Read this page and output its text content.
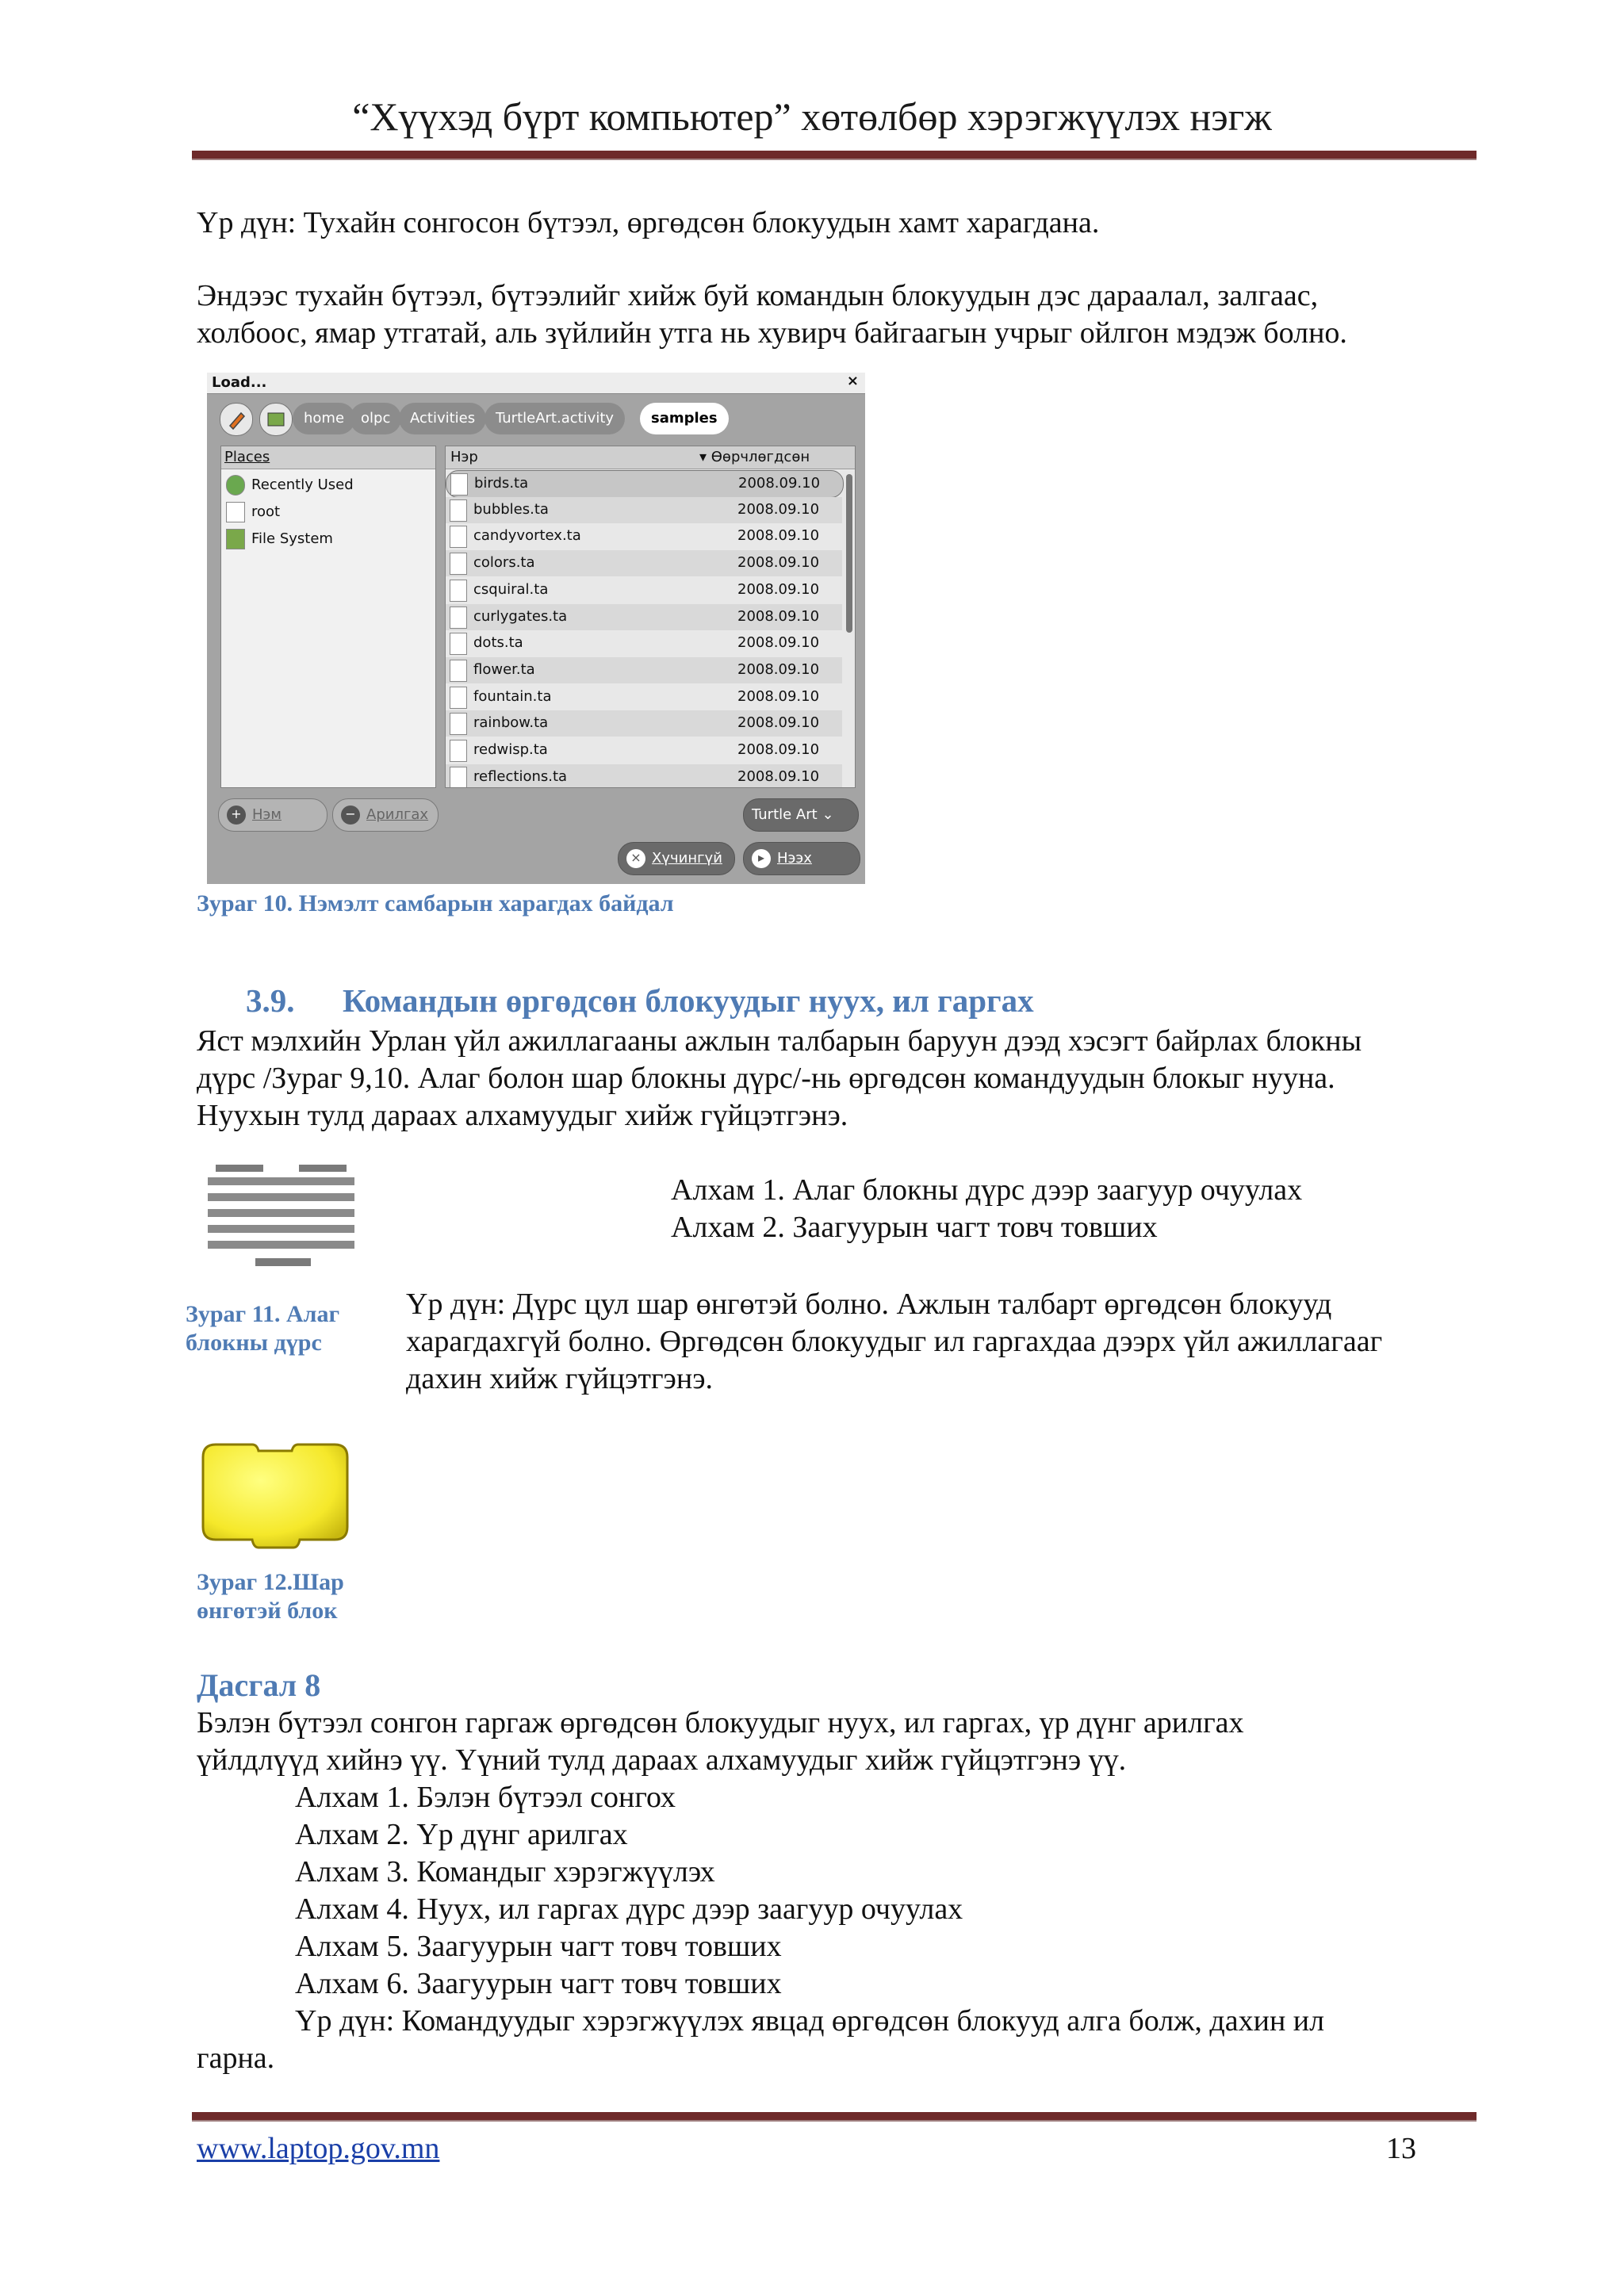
“Хүүхэд бүрт компьютер” хөтөлбөр хэрэгжүүлэх нэгж
Үр дүн: Тухайн сонгосон бүтээл, өргөдсөн блокуудын хамт харагдана.
Эндээс тухайн бүтээл, бүтээлийг хийж буй командын блокуудын дэс дараалал, залгаас,
холбоос, ямар утгатай, аль зүйлийн утга нь хувирч байгаагын учрыг ойлгон мэдэж болно.
Load...	×
home	olpc	Activities	TurtleArt.activity	samples
Places
Recently Used
root
File System
Нэр	▾ Өөрчлөгдсөн
birds.ta	2008.09.10
bubbles.ta	2008.09.10
candyvortex.ta	2008.09.10
colors.ta	2008.09.10
csquiral.ta	2008.09.10
curlygates.ta	2008.09.10
dots.ta	2008.09.10
flower.ta	2008.09.10
fountain.ta	2008.09.10
rainbow.ta	2008.09.10
redwisp.ta	2008.09.10
reflections.ta	2008.09.10
+ Нэм	− Арилгах	Turtle Art ⌄
× Хүчингүй	▸ Нээх
Зураг 10. Нэмэлт самбарын харагдах байдал
3.9. Командын өргөдсөн блокуудыг нуух, ил гаргах
Яст мэлхийн Урлан үйл ажиллагааны ажлын талбарын баруун дээд хэсэгт байрлах блокны
дүрс /Зураг 9,10. Алаг болон шар блокны дүрс/-нь өргөдсөн командуудын блокыг нууна.
Нуухын тулд дараах алхамуудыг хийж гүйцэтгэнэ.
Алхам 1. Алаг блокны дүрс дээр заагуур очуулах
Алхам 2. Заагуурын чагт товч товших
Зураг 11. Алаг
блокны дүрс
Үр дүн: Дүрс цул шар өнгөтэй болно. Ажлын талбарт өргөдсөн блокууд
харагдахгүй болно. Өргөдсөн блокуудыг ил гаргахдаа дээрх үйл ажиллагааг
дахин хийж гүйцэтгэнэ.
Зураг 12.Шар
өнгөтэй блок
Дасгал 8
Бэлэн бүтээл сонгон гаргаж өргөдсөн блокуудыг нуух, ил гаргах, үр дүнг арилгах
үйлдлүүд хийнэ үү. Үүний тулд дараах алхамуудыг хийж гүйцэтгэнэ үү.
Алхам 1. Бэлэн бүтээл сонгох
Алхам 2. Үр дүнг арилгах
Алхам 3. Командыг хэрэгжүүлэх
Алхам 4. Нуух, ил гаргах дүрс дээр заагуур очуулах
Алхам 5. Заагуурын чагт товч товших
Алхам 6. Заагуурын чагт товч товших
Үр дүн: Командуудыг хэрэгжүүлэх явцад өргөдсөн блокууд алга болж, дахин ил
гарна.
www.laptop.gov.mn	13
